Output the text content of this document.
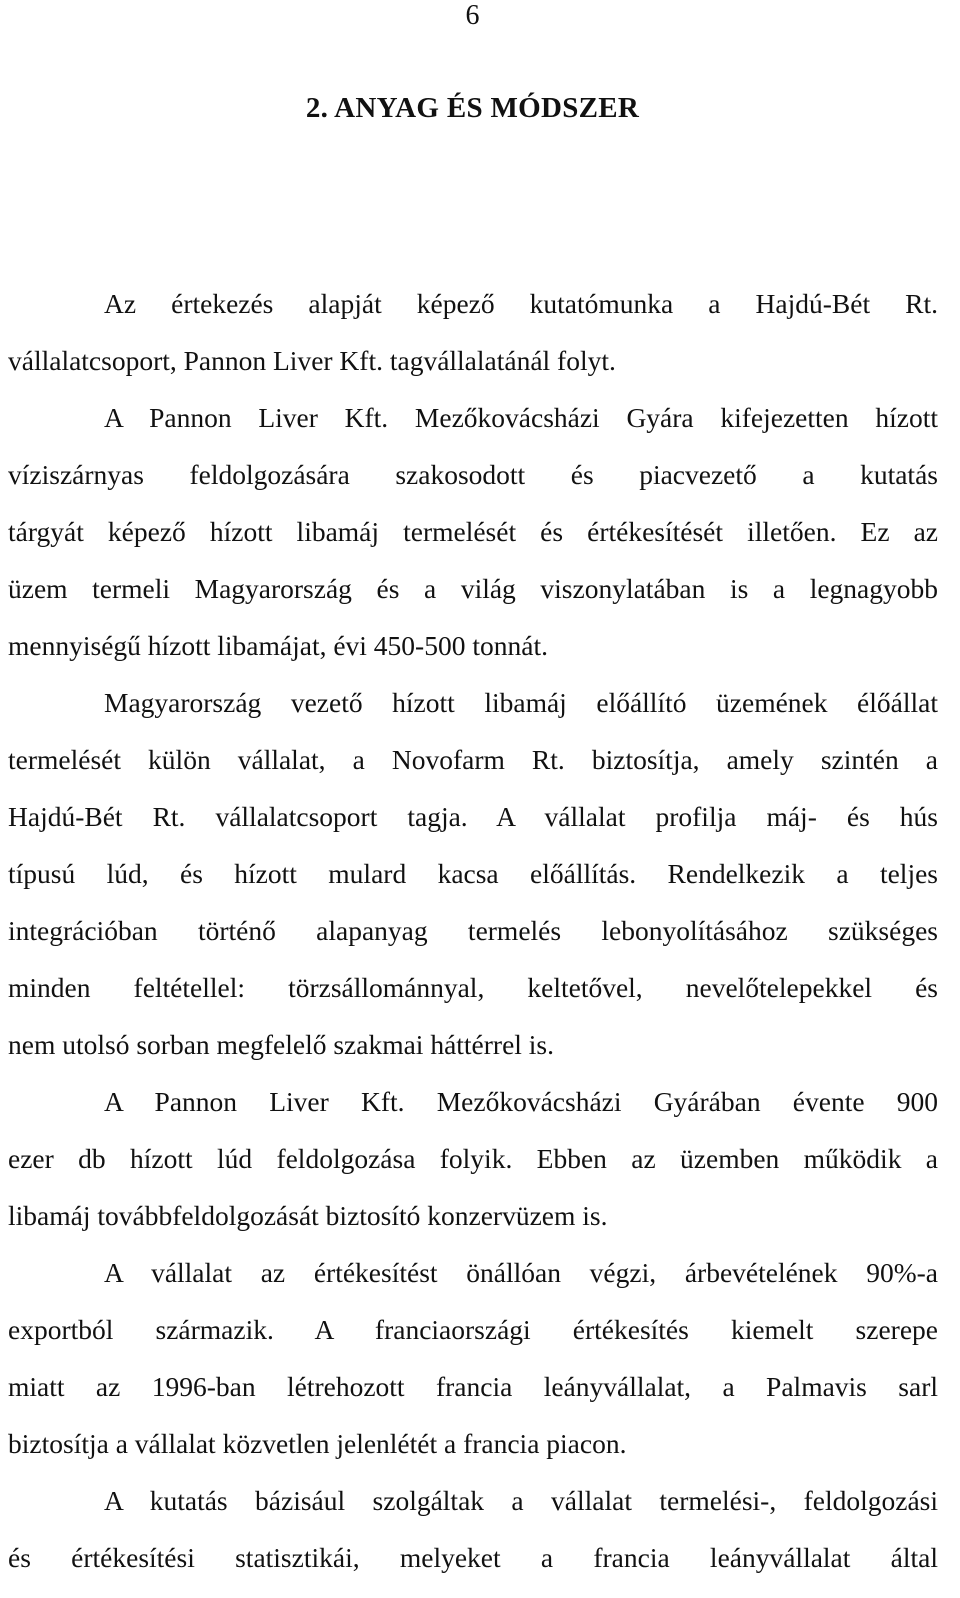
6
2. ANYAG ÉS MÓDSZER
Az értekezés alapját képező kutatómunka a Hajdú-Bét Rt.
vállalatcsoport, Pannon Liver Kft. tagvállalatánál folyt.
A Pannon Liver Kft. Mezőkovácsházi Gyára kifejezetten hízott
víziszárnyas feldolgozására szakosodott és piacvezető a kutatás
tárgyát képező hízott libamáj termelését és értékesítését illetően. Ez az
üzem termeli Magyarország és a világ viszonylatában is a legnagyobb
mennyiségű hízott libamájat, évi 450-500 tonnát.
Magyarország vezető hízott libamáj előállító üzemének élőállat
termelését külön vállalat, a Novofarm Rt. biztosítja, amely szintén a
Hajdú-Bét Rt. vállalatcsoport tagja. A vállalat profilja máj- és hús
típusú lúd, és hízott mulard kacsa előállítás. Rendelkezik a teljes
integrációban történő alapanyag termelés lebonyolításához szükséges
minden feltétellel: törzsállománnyal, keltetővel, nevelőtelepekkel és
nem utolsó sorban megfelelő szakmai háttérrel is.
A Pannon Liver Kft. Mezőkovácsházi Gyárában évente 900
ezer db hízott lúd feldolgozása folyik. Ebben az üzemben működik a
libamáj továbbfeldolgozását biztosító konzervüzem is.
A vállalat az értékesítést önállóan végzi, árbevételének 90%-a
exportból származik. A franciaországi értékesítés kiemelt szerepe
miatt az 1996-ban létrehozott francia leányvállalat, a Palmavis sarl
biztosítja a vállalat közvetlen jelenlétét a francia piacon.
A kutatás bázisául szolgáltak a vállalat termelési-, feldolgozási
és értékesítési statisztikái, melyeket a francia leányvállalat által
